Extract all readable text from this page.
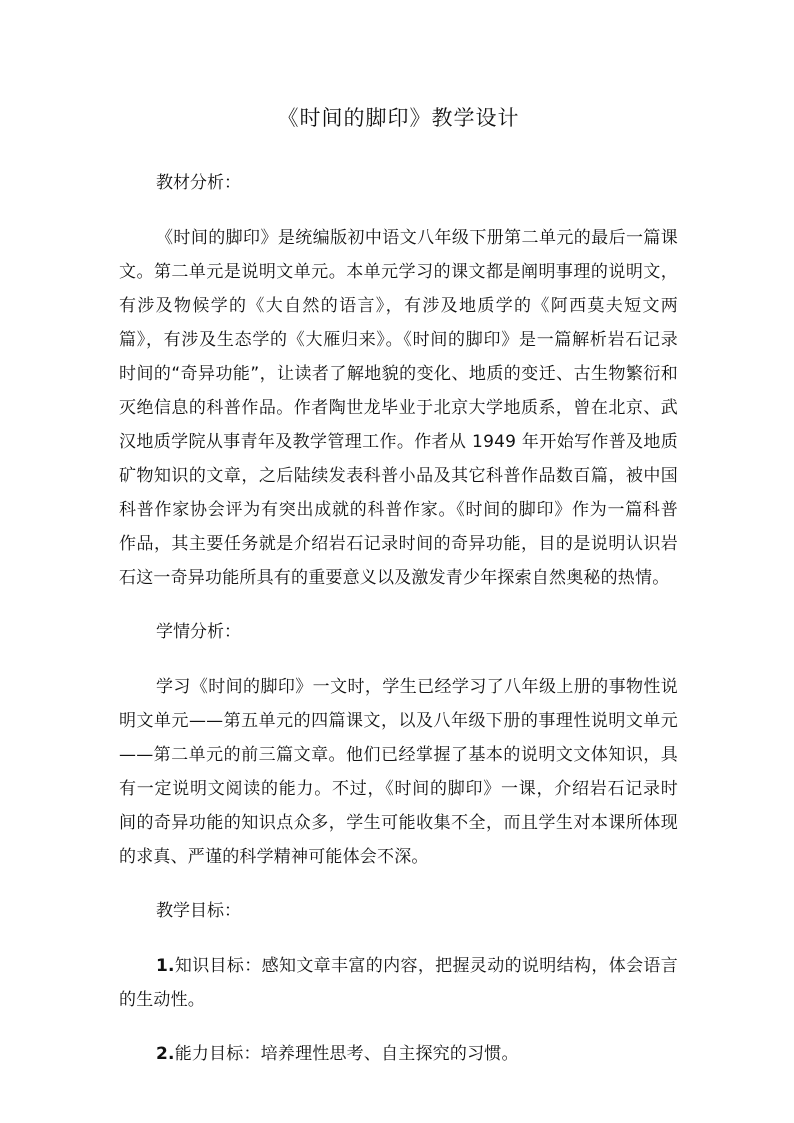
《时间的脚印》教学设计

教材分析：

《时间的脚印》是统编版初中语文八年级下册第二单元的最后一篇课文。第二单元是说明文单元。本单元学习的课文都是阐明事理的说明文，有涉及物候学的《大自然的语言》，有涉及地质学的《阿西莫夫短文两篇》，有涉及生态学的《大雁归来》。《时间的脚印》是一篇解析岩石记录时间的“奇异功能”，让读者了解地貌的变化、地质的变迁、古生物繁衍和灭绝信息的科普作品。作者陶世龙毕业于北京大学地质系，曾在北京、武汉地质学院从事青年及教学管理工作。作者从 1949 年开始写作普及地质矿物知识的文章，之后陆续发表科普小品及其它科普作品数百篇，被中国科普作家协会评为有突出成就的科普作家。《时间的脚印》作为一篇科普作品，其主要任务就是介绍岩石记录时间的奇异功能，目的是说明认识岩石这一奇异功能所具有的重要意义以及激发青少年探索自然奥秘的热情。

学情分析：

学习《时间的脚印》一文时，学生已经学习了八年级上册的事物性说明文单元——第五单元的四篇课文，以及八年级下册的事理性说明文单元——第二单元的前三篇文章。他们已经掌握了基本的说明文文体知识，具有一定说明文阅读的能力。不过，《时间的脚印》一课，介绍岩石记录时间的奇异功能的知识点众多，学生可能收集不全，而且学生对本课所体现的求真、严谨的科学精神可能体会不深。

教学目标：

1.知识目标：感知文章丰富的内容，把握灵动的说明结构，体会语言的生动性。

2.能力目标：培养理性思考、自主探究的习惯。
